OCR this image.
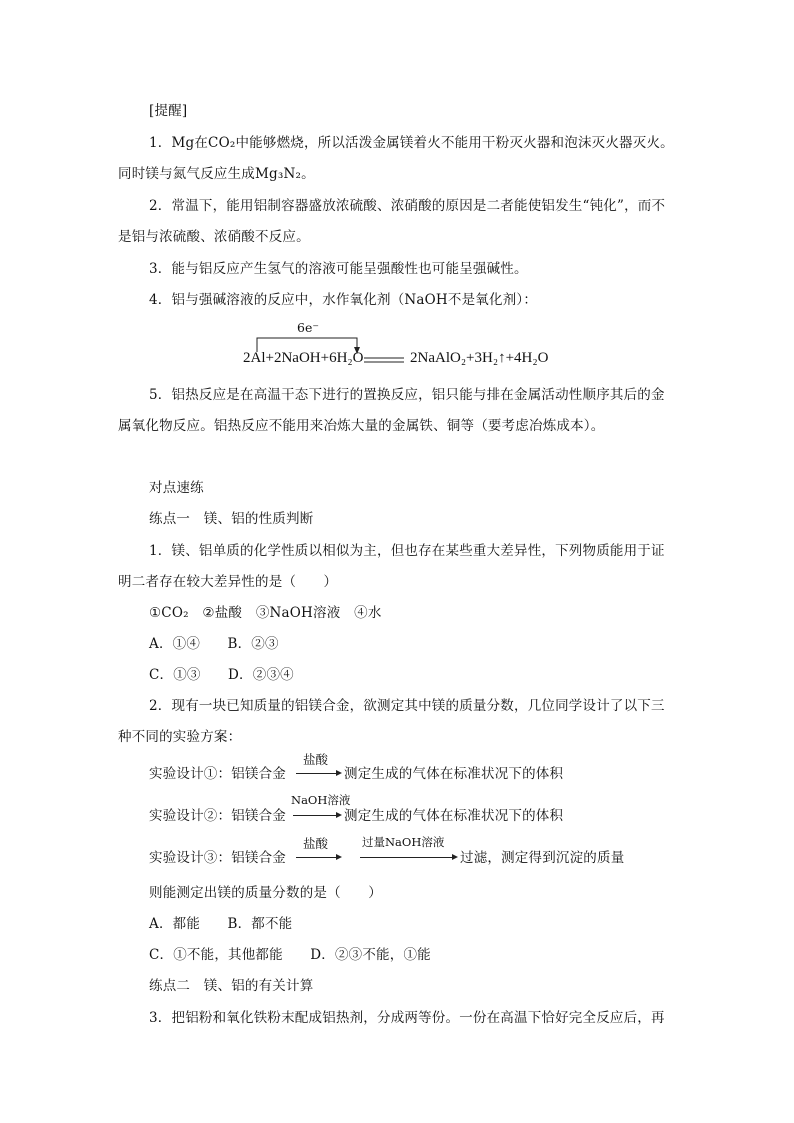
[提醒]
1．Mg在CO₂中能够燃烧，所以活泼金属镁着火不能用干粉灭火器和泡沫灭火器灭火。
同时镁与氮气反应生成Mg₃N₂。
2．常温下，能用铝制容器盛放浓硫酸、浓硝酸的原因是二者能使铝发生“钝化”，而不
是铝与浓硫酸、浓硝酸不反应。
3．能与铝反应产生氢气的溶液可能呈强酸性也可能呈强碱性。
4．铝与强碱溶液的反应中，水作氧化剂（NaOH不是氧化剂）：
6e⁻
2Al+2NaOH+6H₂O	2NaAlO₂+3H₂↑+4H₂O
5．铝热反应是在高温干态下进行的置换反应，铝只能与排在金属活动性顺序其后的金
属氧化物反应。铝热反应不能用来冶炼大量的金属铁、铜等（要考虑冶炼成本）。
对点速练
练点一　镁、铝的性质判断
1．镁、铝单质的化学性质以相似为主，但也存在某些重大差异性，下列物质能用于证
明二者存在较大差异性的是（　　）
①CO₂　②盐酸　③NaOH溶液　④水
A．①④　　B．②③
C．①③　　D．②③④
2．现有一块已知质量的铝镁合金，欲测定其中镁的质量分数，几位同学设计了以下三
种不同的实验方案：
实验设计①：铝镁合金
盐酸
测定生成的气体在标准状况下的体积
实验设计②：铝镁合金
NaOH溶液
测定生成的气体在标准状况下的体积
实验设计③：铝镁合金
盐酸	过量NaOH溶液
过滤，测定得到沉淀的质量
则能测定出镁的质量分数的是（　　）
A．都能　　B．都不能
C．①不能，其他都能　　D．②③不能，①能
练点二　镁、铝的有关计算
3．把铝粉和氧化铁粉末配成铝热剂，分成两等份。一份在高温下恰好完全反应后，再
